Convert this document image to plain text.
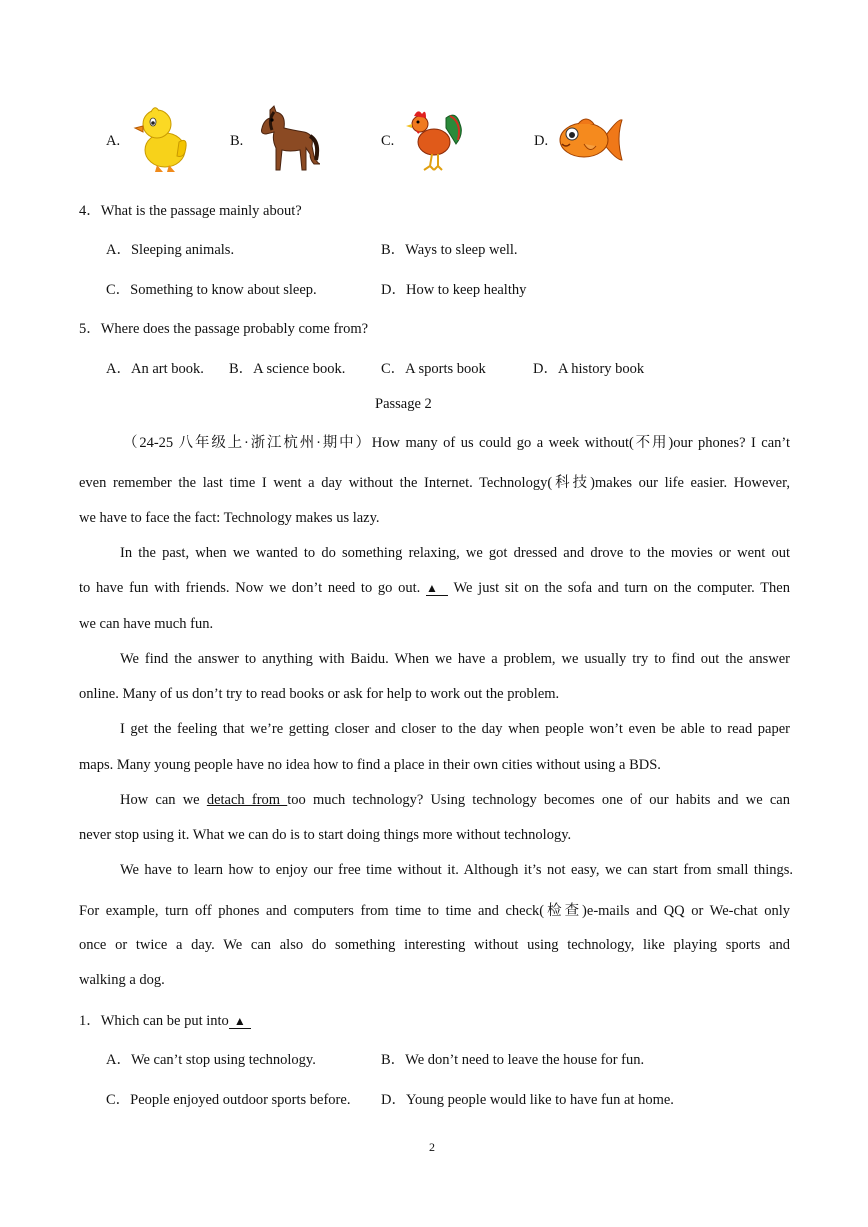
A.	B.	C.	D.
4．What is the passage mainly about?
A．Sleeping animals.	B．Ways to sleep well.
C．Something to know about sleep.	D．How to keep healthy
5．Where does the passage probably come from?
A．An art book. B．A science book. C．A sports book	D．A history book
Passage 2

（24-25 八年级上·浙江杭州·期中）How many of us could go a week without(不用)our phones? I can’t

even remember the last time I went a day without the Internet. Technology(科技)makes our life easier. However,

we have to face the fact: Technology makes us lazy.

In the past, when we wanted to do something relaxing, we got dressed and drove to the movies or went out

to have fun with friends. Now we don’t need to go out. ▲ We just sit on the sofa and turn on the computer. Then

we can have much fun.

We find the answer to anything with Baidu. When we have a problem, we usually try to find out the answer

online. Many of us don’t try to read books or ask for help to work out the problem.

I get the feeling that we’re getting closer and closer to the day when people won’t even be able to read paper

maps. Many young people have no idea how to find a place in their own cities without using a BDS.

How can we detach from too much technology? Using technology becomes one of our habits and we can

never stop using it. What we can do is to start doing things more without technology.

We have to learn how to enjoy our free time without it. Although it’s not easy, we can start from small things.

For example, turn off phones and computers from time to time and check(检查)e-mails and QQ or We-chat only

once or twice a day. We can also do something interesting without using technology, like playing sports and

walking a dog.

1．Which can be put into ▲
A．We can’t stop using technology.	B．We don’t need to leave the house for fun.
C．People enjoyed outdoor sports before. D．Young people would like to have fun at home.
2
